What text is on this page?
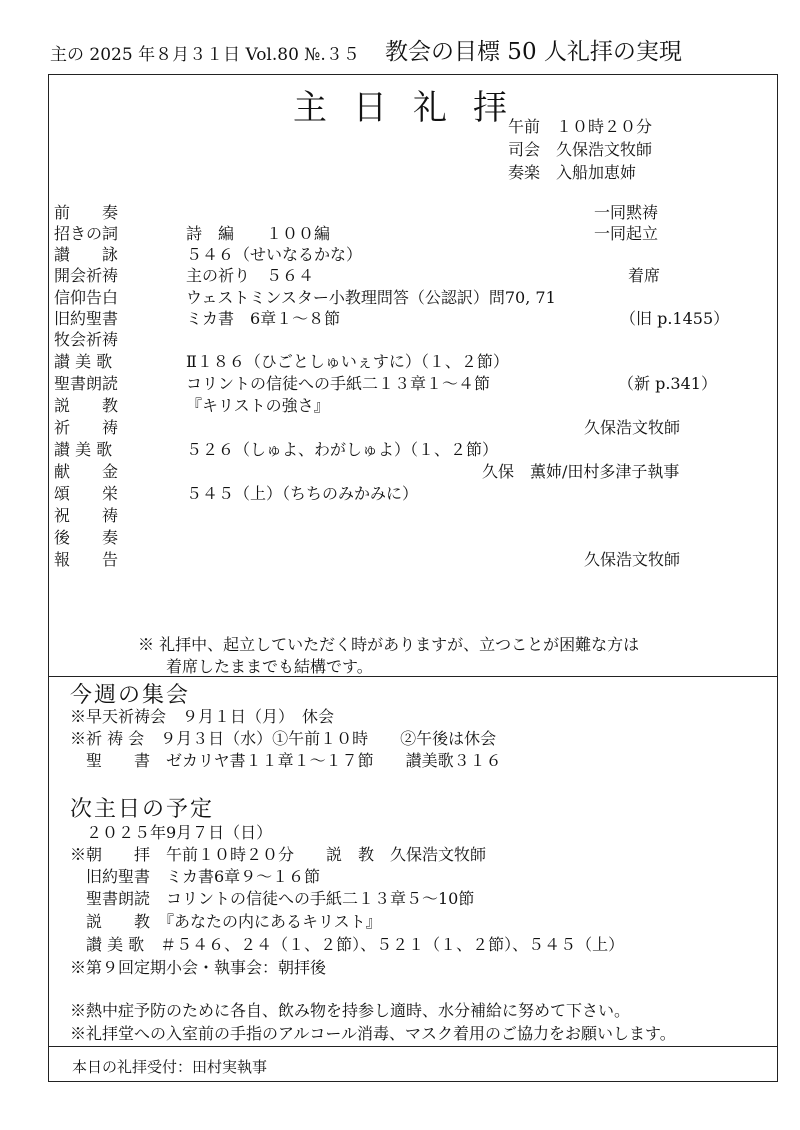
主の 2025 年８月３１日 Vol.80 №.３５ 教会の目標 50 人礼拝の実現
主日礼拝
午前　１０時２０分
司会　久保浩文牧師
奏楽　入船加恵姉
前　　奏	一同黙祷
招きの詞	詩　編　　１００編	一同起立
讃　　詠	５４６（せいなるかな）
開会祈祷	主の祈り　５６４	着席
信仰告白	ウェストミンスター小教理問答（公認訳）問70, 71
旧約聖書	ミカ書　6章１～８節	（旧 p.1455）
牧会祈祷
讃 美 歌	Ⅱ１８６（ひごとしゅいぇすに）（１、２節）
聖書朗読	コリントの信徒への手紙二１３章１～４節	（新 p.341）
説　　教	『キリストの強さ』
祈　　祷	久保浩文牧師
讃 美 歌	５２６（しゅよ、わがしゅよ）（１、２節）
献　　金	久保　薫姉/田村多津子執事
頌　　栄	５４５（上）（ちちのみかみに）
祝　　祷
後　　奏
報　　告	久保浩文牧師
※ 礼拝中、起立していただく時がありますが、立つことが困難な方は
着席したままでも結構です。
今週の集会
※早天祈祷会　９月１日（月）　休会
※祈 祷 会　９月３日（水）①午前１０時　　②午後は休会
　聖　　書　ゼカリヤ書１１章１～１７節　　讃美歌３１６
次主日の予定
　２０２５年9月７日（日）
※朝　　拝　午前１０時２０分　　説　教　久保浩文牧師
　旧約聖書　ミカ書6章９～１６節
　聖書朗読　コリントの信徒への手紙二１３章５～10節
　説　　教　『あなたの内にあるキリスト』
　讃 美 歌　＃５４６、２４（１、２節）、５２１（１、２節）、５４５（上）
※第９回定期小会・執事会：朝拝後
※熱中症予防のために各自、飲み物を持参し適時、水分補給に努めて下さい。
※礼拝堂への入室前の手指のアルコール消毒、マスク着用のご協力をお願いします。
本日の礼拝受付：田村実執事
